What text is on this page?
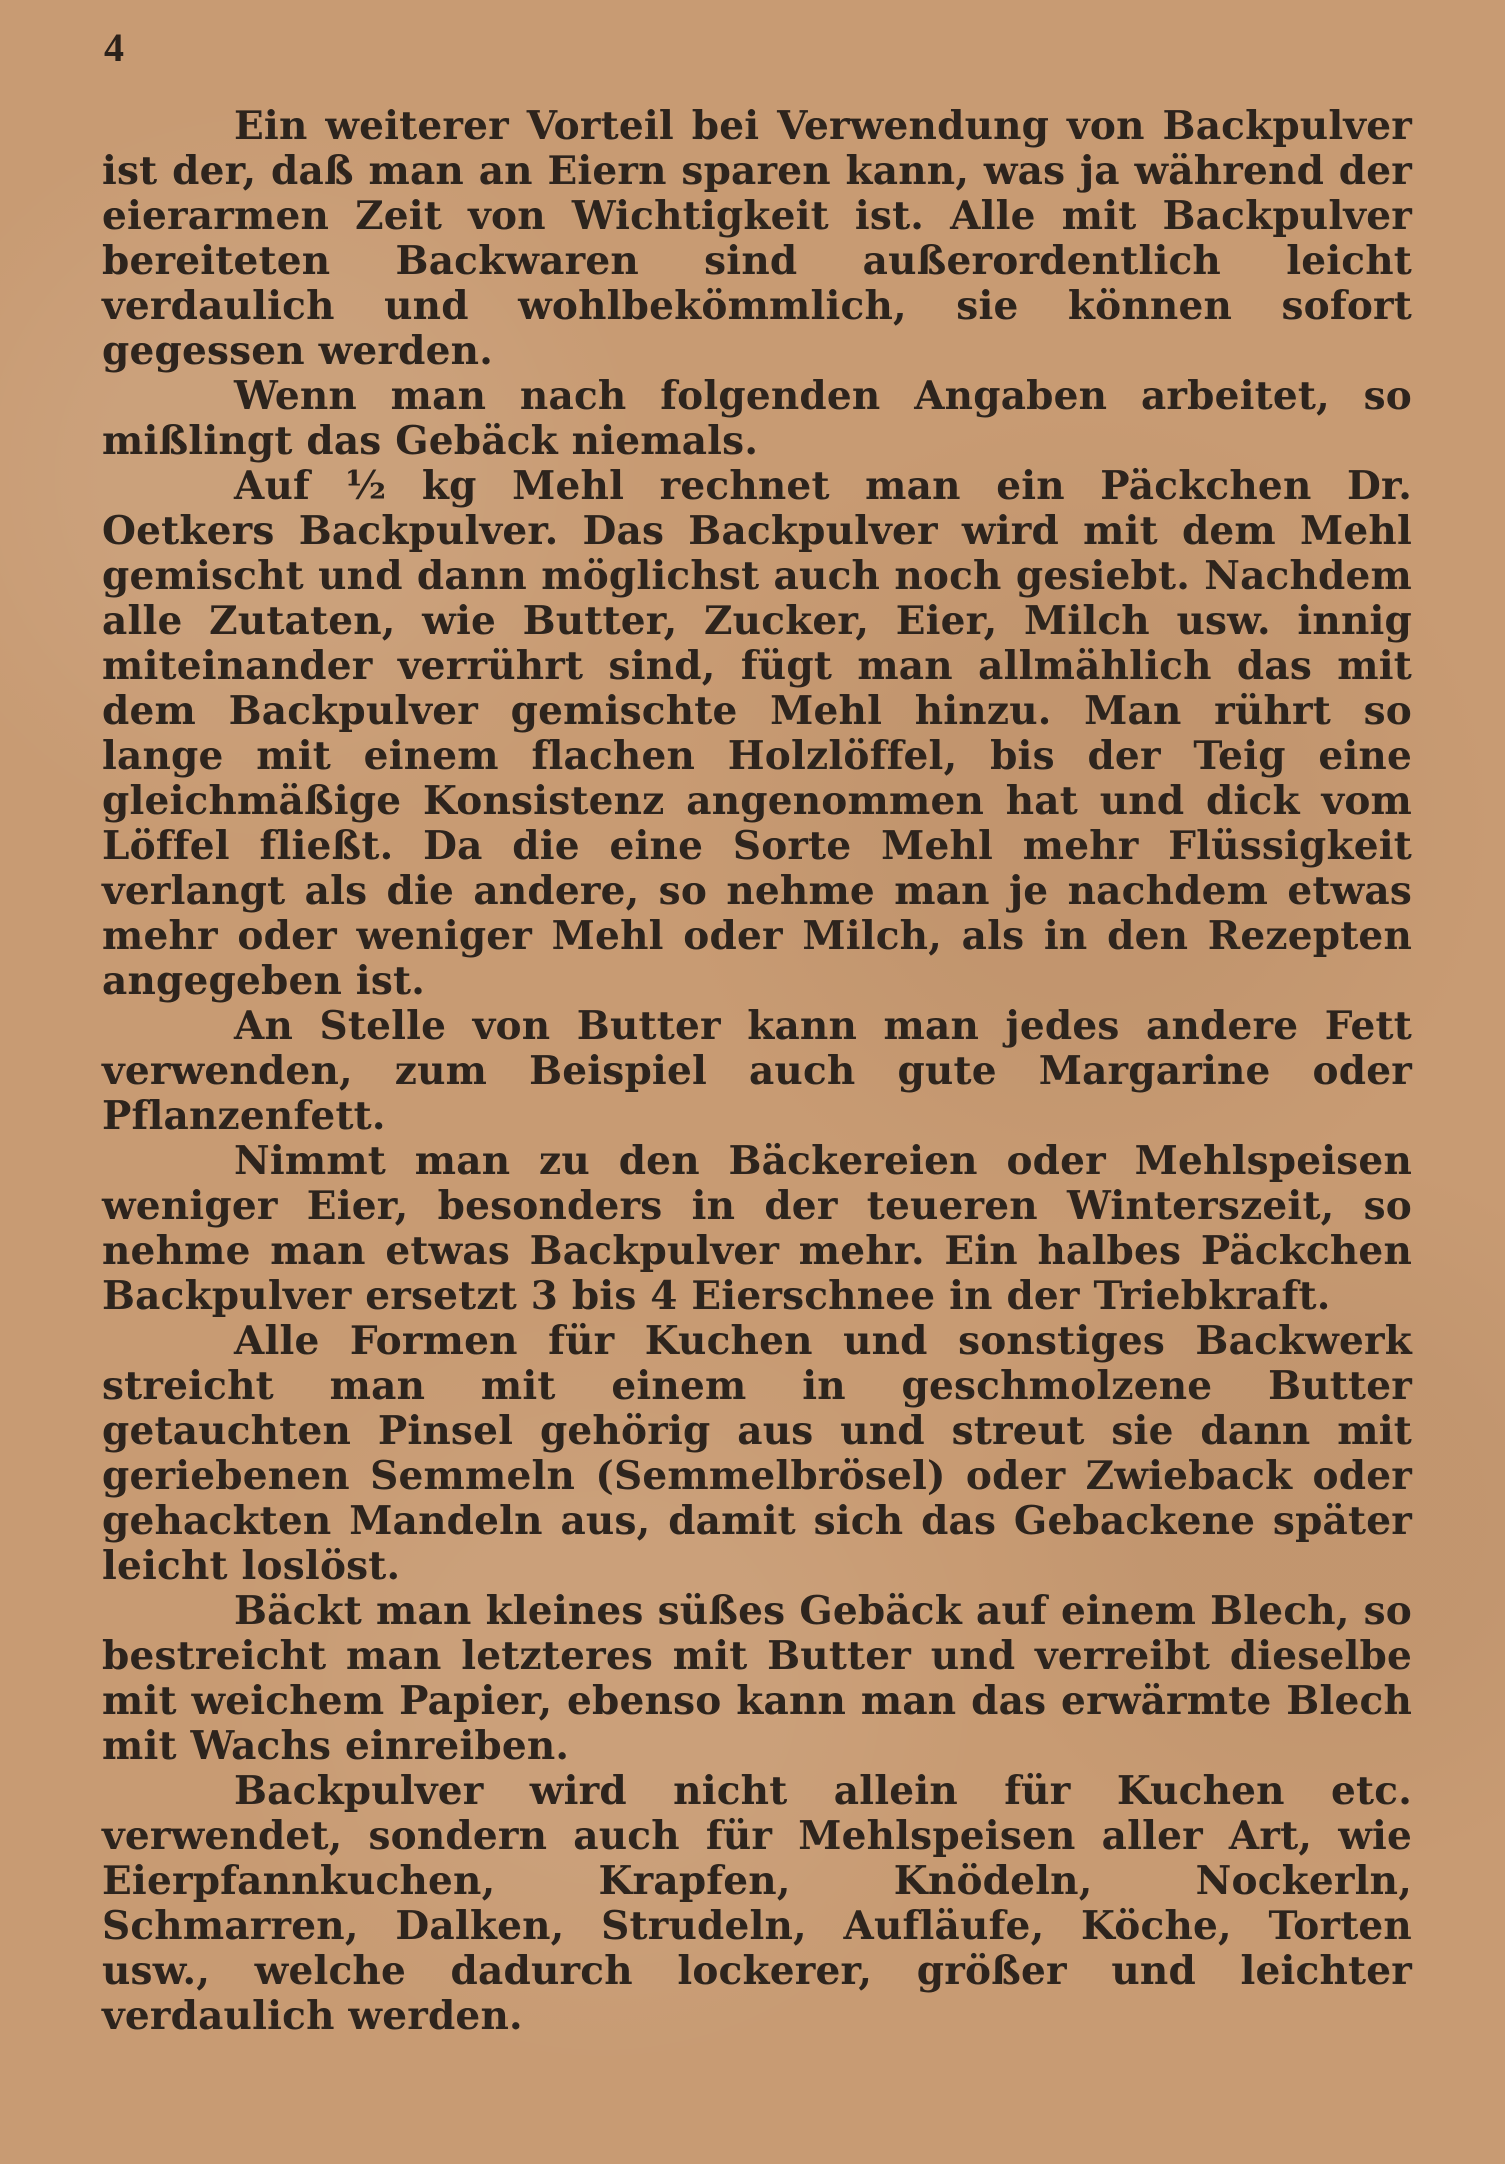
4

Ein weiterer Vorteil bei Verwendung von Backpulver ist der, daß man an Eiern sparen kann, was ja während der eierarmen Zeit von Wichtigkeit ist. Alle mit Backpulver bereiteten Backwaren sind außerordentlich leicht verdaulich und wohlbekömmlich, sie können sofort gegessen werden.

Wenn man nach folgenden Angaben arbeitet, so mißlingt das Gebäck niemals.

Auf ½ kg Mehl rechnet man ein Päckchen Dr. Oetkers Backpulver. Das Backpulver wird mit dem Mehl gemischt und dann möglichst auch noch gesiebt. Nachdem alle Zutaten, wie Butter, Zucker, Eier, Milch usw. innig miteinander verrührt sind, fügt man allmählich das mit dem Backpulver gemischte Mehl hinzu. Man rührt so lange mit einem flachen Holzlöffel, bis der Teig eine gleichmäßige Konsistenz angenommen hat und dick vom Löffel fließt. Da die eine Sorte Mehl mehr Flüssigkeit verlangt als die andere, so nehme man je nachdem etwas mehr oder weniger Mehl oder Milch, als in den Rezepten angegeben ist.

An Stelle von Butter kann man jedes andere Fett verwenden, zum Beispiel auch gute Margarine oder Pflanzenfett.

Nimmt man zu den Bäckereien oder Mehlspeisen weniger Eier, besonders in der teueren Winterszeit, so nehme man etwas Backpulver mehr. Ein halbes Päckchen Backpulver ersetzt 3 bis 4 Eierschnee in der Triebkraft.

Alle Formen für Kuchen und sonstiges Backwerk streicht man mit einem in geschmolzene Butter getauchten Pinsel gehörig aus und streut sie dann mit geriebenen Semmeln (Semmelbrösel) oder Zwieback oder gehackten Mandeln aus, damit sich das Gebackene später leicht loslöst.

Bäckt man kleines süßes Gebäck auf einem Blech, so bestreicht man letzteres mit Butter und verreibt dieselbe mit weichem Papier, ebenso kann man das erwärmte Blech mit Wachs einreiben.

Backpulver wird nicht allein für Kuchen etc. verwendet, sondern auch für Mehlspeisen aller Art, wie Eierpfannkuchen, Krapfen, Knödeln, Nockerln, Schmarren, Dalken, Strudeln, Aufläufe, Köche, Torten usw., welche dadurch lockerer, größer und leichter verdaulich werden.
